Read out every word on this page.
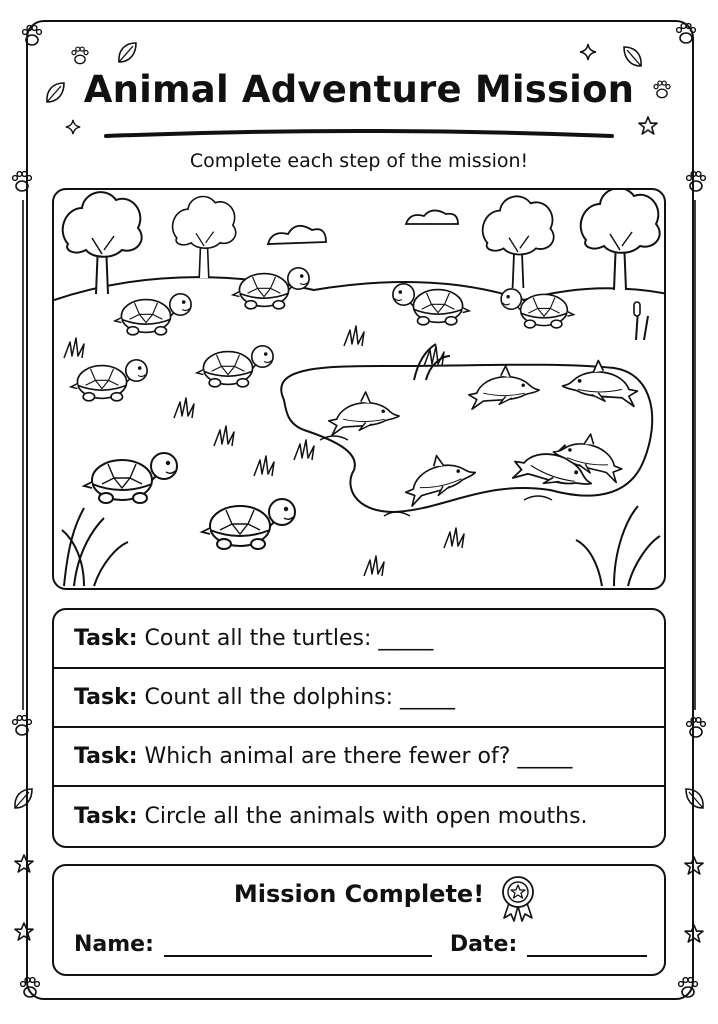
Animal Adventure Mission
Complete each step of the mission!
Task: Count all the turtles: _____
Task: Count all the dolphins: _____
Task: Which animal are there fewer of? _____
Task: Circle all the animals with open mouths.
Mission Complete!
Name:	Date:
